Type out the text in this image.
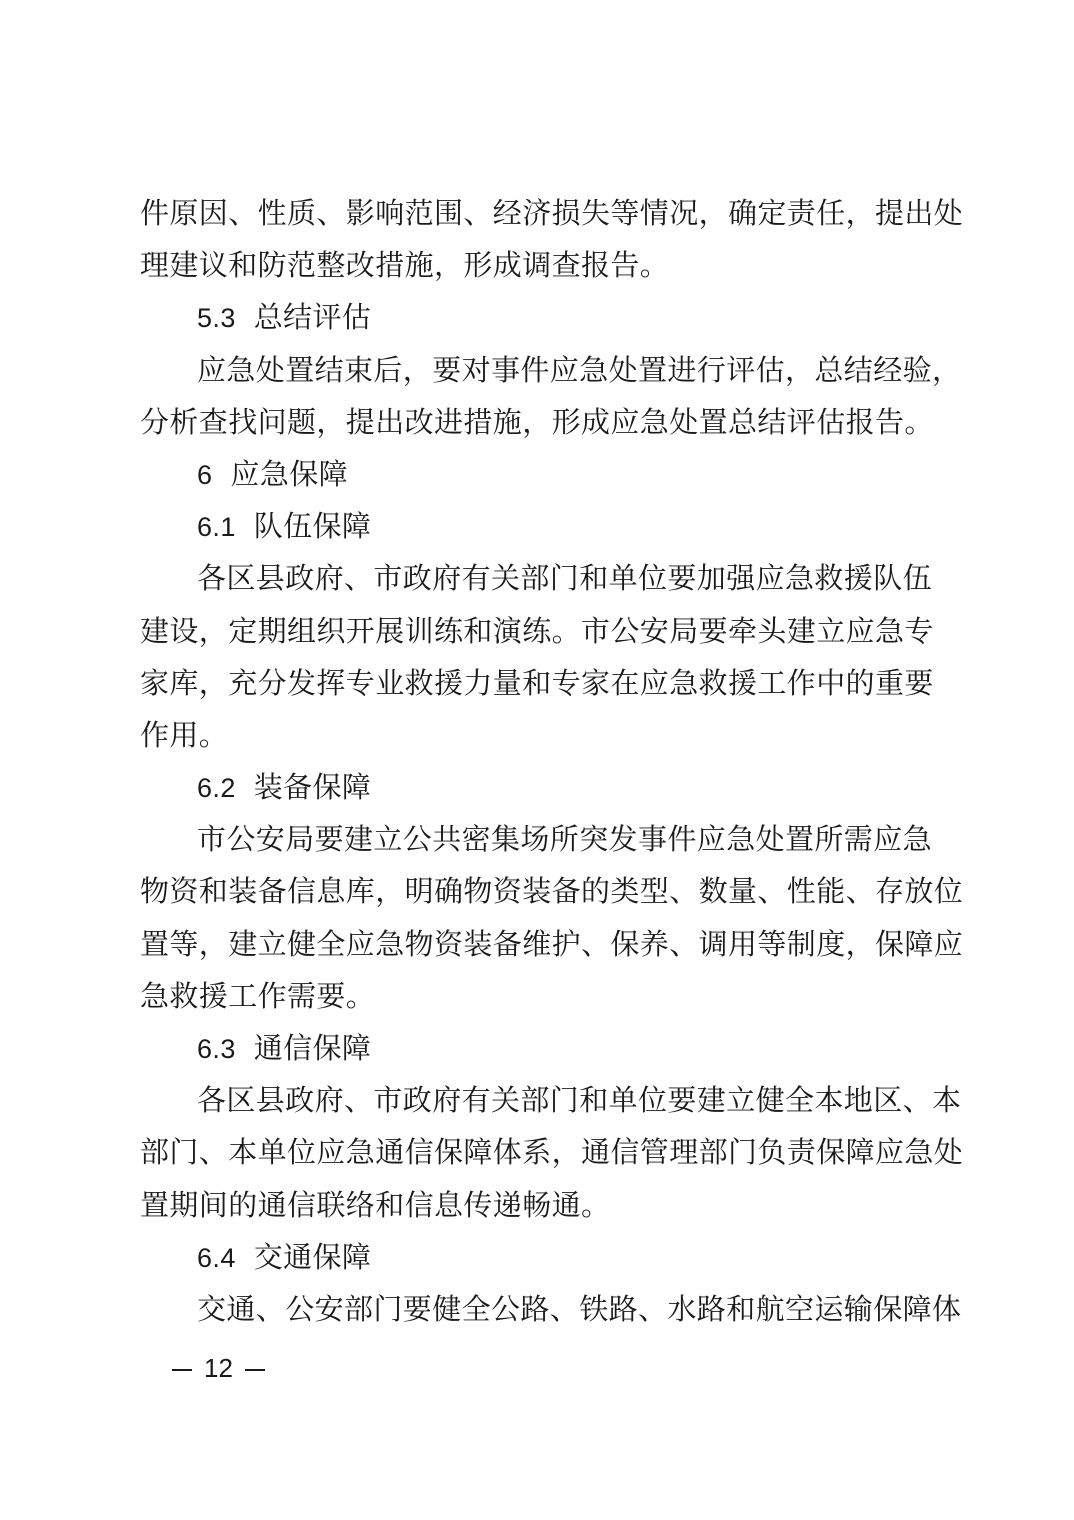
件原因、性质、影响范围、经济损失等情况，确定责任，提出处
理建议和防范整改措施，形成调查报告。
5.3 总结评估
应急处置结束后，要对事件应急处置进行评估，总结经验，
分析查找问题，提出改进措施，形成应急处置总结评估报告。
6 应急保障
6.1 队伍保障
各区县政府、市政府有关部门和单位要加强应急救援队伍
建设，定期组织开展训练和演练。市公安局要牵头建立应急专
家库，充分发挥专业救援力量和专家在应急救援工作中的重要
作用。
6.2 装备保障
市公安局要建立公共密集场所突发事件应急处置所需应急
物资和装备信息库，明确物资装备的类型、数量、性能、存放位
置等，建立健全应急物资装备维护、保养、调用等制度，保障应
急救援工作需要。
6.3 通信保障
各区县政府、市政府有关部门和单位要建立健全本地区、本
部门、本单位应急通信保障体系，通信管理部门负责保障应急处
置期间的通信联络和信息传递畅通。
6.4 交通保障
交通、公安部门要健全公路、铁路、水路和航空运输保障体
12
